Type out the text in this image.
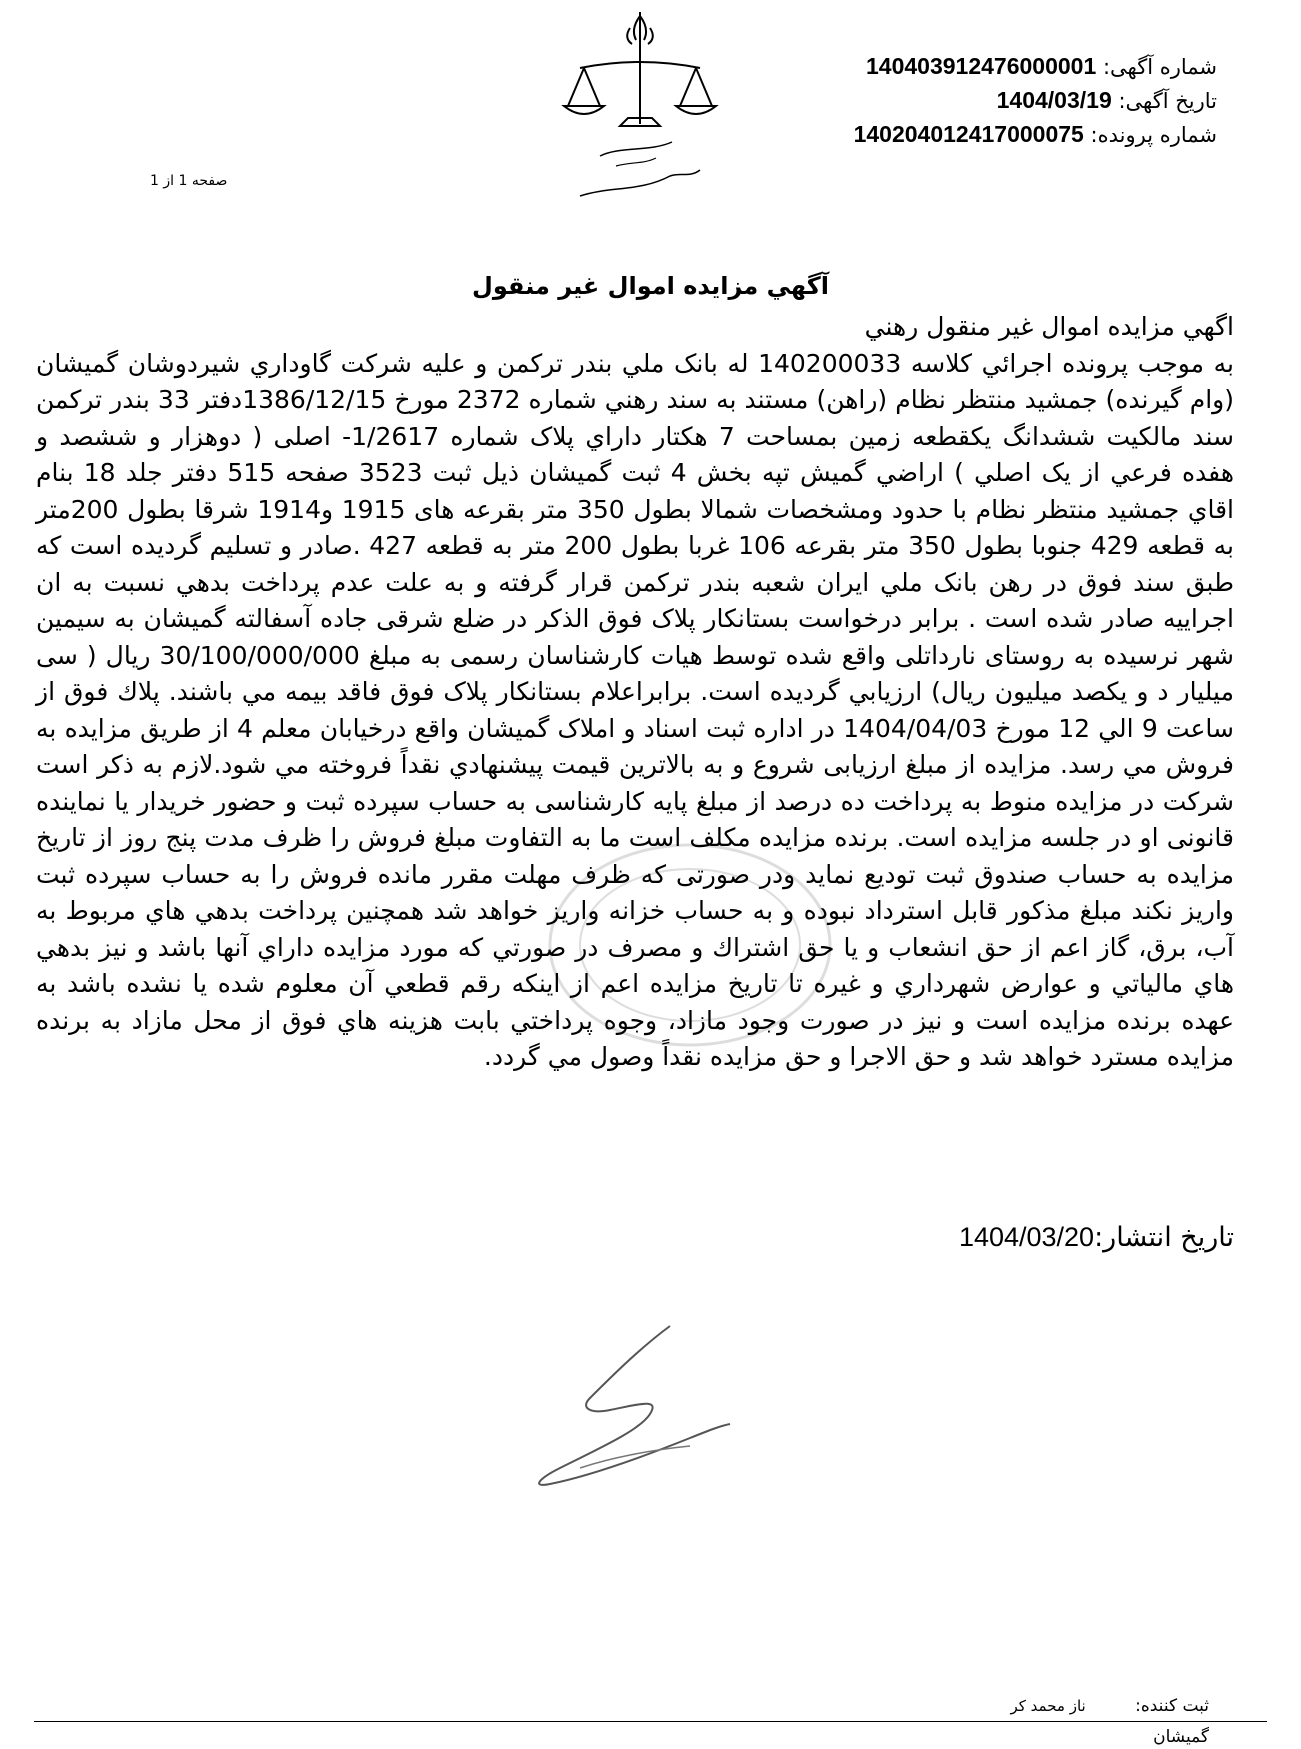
شماره آگهی: 140403912476000001
تاریخ آگهی: 1404/03/19
شماره پرونده: 140204012417000075
صفحه 1 از 1
آگهي مزايده اموال غير منقول

اگهي مزايده اموال غير منقول رهني

به موجب پرونده اجرائي كلاسه 140200033 له بانک ملي بندر ترکمن و عليه شرکت گاوداري شيردوشان گميشان (وام گيرنده) جمشيد منتظر نظام (راهن) مستند به سند رهني شماره 2372 مورخ 1386/12/15دفتر 33 بندر ترکمن سند مالکيت ششدانگ يکقطعه زمين بمساحت 7 هکتار داراي پلاک شماره 1/2617- اصلی ( دوهزار و ششصد و هفده فرعي از يک اصلي ) اراضي گميش تپه بخش 4 ثبت گميشان ذيل ثبت 3523 صفحه 515 دفتر جلد 18 بنام اقاي جمشيد منتظر نظام با حدود ومشخصات شمالا بطول 350 متر بقرعه های 1915 و1914 شرقا بطول 200متر به قطعه 429 جنوبا بطول 350 متر بقرعه 106 غربا بطول 200 متر به قطعه 427 .صادر و تسليم گرديده است که طبق سند فوق در رهن بانک ملي ايران شعبه بندر ترکمن قرار گرفته و به علت عدم پرداخت بدهي نسبت به ان اجراييه صادر شده است . برابر درخواست بستانکار پلاک فوق الذکر در ضلع شرقی جاده آسفالته گمیشان به سیمین شهر نرسیده به روستای نارداتلی واقع شده توسط هیات کارشناسان رسمی به مبلغ 30/100/000/000 ريال ( سی میلیار د و یکصد میلیون ریال) ارزيابي گرديده است. برابراعلام بستانکار پلاک فوق فاقد بيمه مي باشند. پلاك فوق از ساعت 9 الي 12 مورخ 1404/04/03 در اداره ثبت اسناد و املاک گمیشان واقع درخیابان معلم 4 از طريق مزايده به فروش مي رسد. مزايده از مبلغ ارزيابی شروع و به بالاترين قيمت پيشنهادي نقداً فروخته مي شود.لازم به ذكر است شركت در مزايده منوط به پرداخت ده درصد از مبلغ پايه كارشناسی به حساب سپرده ثبت و حضور خريدار يا نماينده قانونی او در جلسه مزايده است. برنده مزايده مكلف است ما به التفاوت مبلغ فروش را ظرف مدت پنج روز از تاريخ مزايده به حساب صندوق ثبت توديع نمايد ودر صورتی كه ظرف مهلت مقرر مانده فروش را به حساب سپرده ثبت واريز نكند مبلغ مذكور قابل استرداد نبوده و به حساب خزانه واريز خواهد شد همچنين پرداخت بدهي هاي مربوط به آب، برق، گاز اعم از حق انشعاب و يا حق اشتراك و مصرف در صورتي كه مورد مزايده داراي آنها باشد و نيز بدهي هاي مالياتي و عوارض شهرداري و غيره تا تاريخ مزايده اعم از اينكه رقم قطعي آن معلوم شده يا نشده باشد به عهده برنده مزايده است و نيز در صورت وجود مازاد، وجوه پرداختي بابت هزينه هاي فوق از محل مازاد به برنده مزايده مسترد خواهد شد و حق الاجرا و حق مزايده نقداً وصول مي گردد.

تاریخ انتشار:1404/03/20
ثبت کننده: ناز محمد کر
گميشان
